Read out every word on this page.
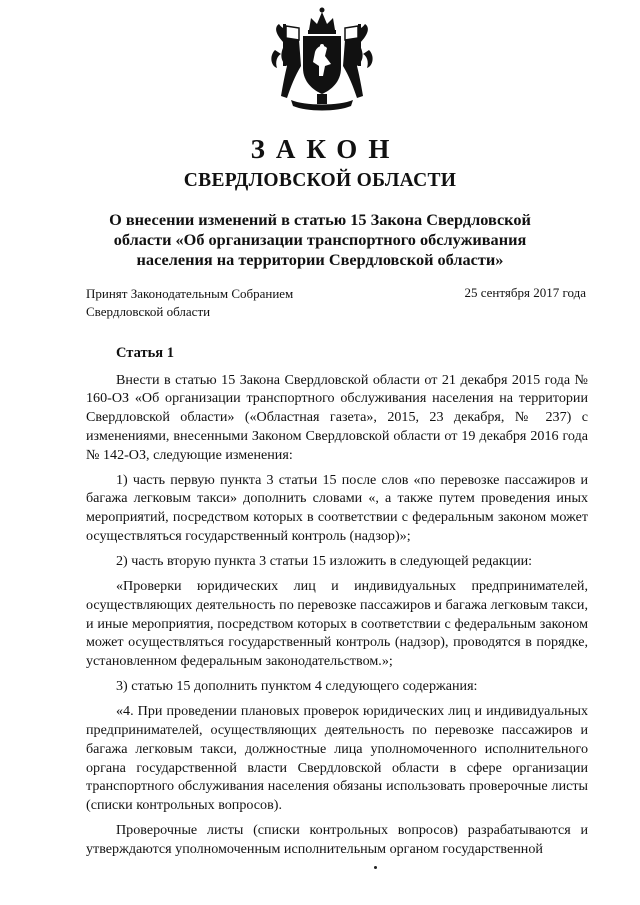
ЗАКОН
СВЕРДЛОВСКОЙ ОБЛАСТИ
О внесении изменений в статью 15 Закона Свердловской
области «Об организации транспортного обслуживания
населения на территории Свердловской области»
Принят Законодательным Собранием
Свердловской области
25 сентября 2017 года
Статья 1

Внести в статью 15 Закона Свердловской области от 21 декабря 2015 года № 160-ОЗ «Об организации транспортного обслуживания населения на территории Свердловской области» («Областная газета», 2015, 23 декабря, № 237) с изменениями, внесенными Законом Свердловской области от 19 декабря 2016 года № 142-ОЗ, следующие изменения:

1) часть первую пункта 3 статьи 15 после слов «по перевозке пассажиров и багажа легковым такси» дополнить словами «, а также путем проведения иных мероприятий, посредством которых в соответствии с федеральным законом может осуществляться государственный контроль (надзор)»;

2) часть вторую пункта 3 статьи 15 изложить в следующей редакции:

«Проверки юридических лиц и индивидуальных предпринимателей, осуществляющих деятельность по перевозке пассажиров и багажа легковым такси, и иные мероприятия, посредством которых в соответствии с федеральным законом может осуществляться государственный контроль (надзор), проводятся в порядке, установленном федеральным законодательством.»;

3) статью 15 дополнить пунктом 4 следующего содержания:

«4. При проведении плановых проверок юридических лиц и индивидуальных предпринимателей, осуществляющих деятельность по перевозке пассажиров и багажа легковым такси, должностные лица уполномоченного исполнительного органа государственной власти Свердловской области в сфере организации транспортного обслуживания населения обязаны использовать проверочные листы (списки контрольных вопросов).

Проверочные листы (списки контрольных вопросов) разрабатываются и утверждаются уполномоченным исполнительным органом государственной
